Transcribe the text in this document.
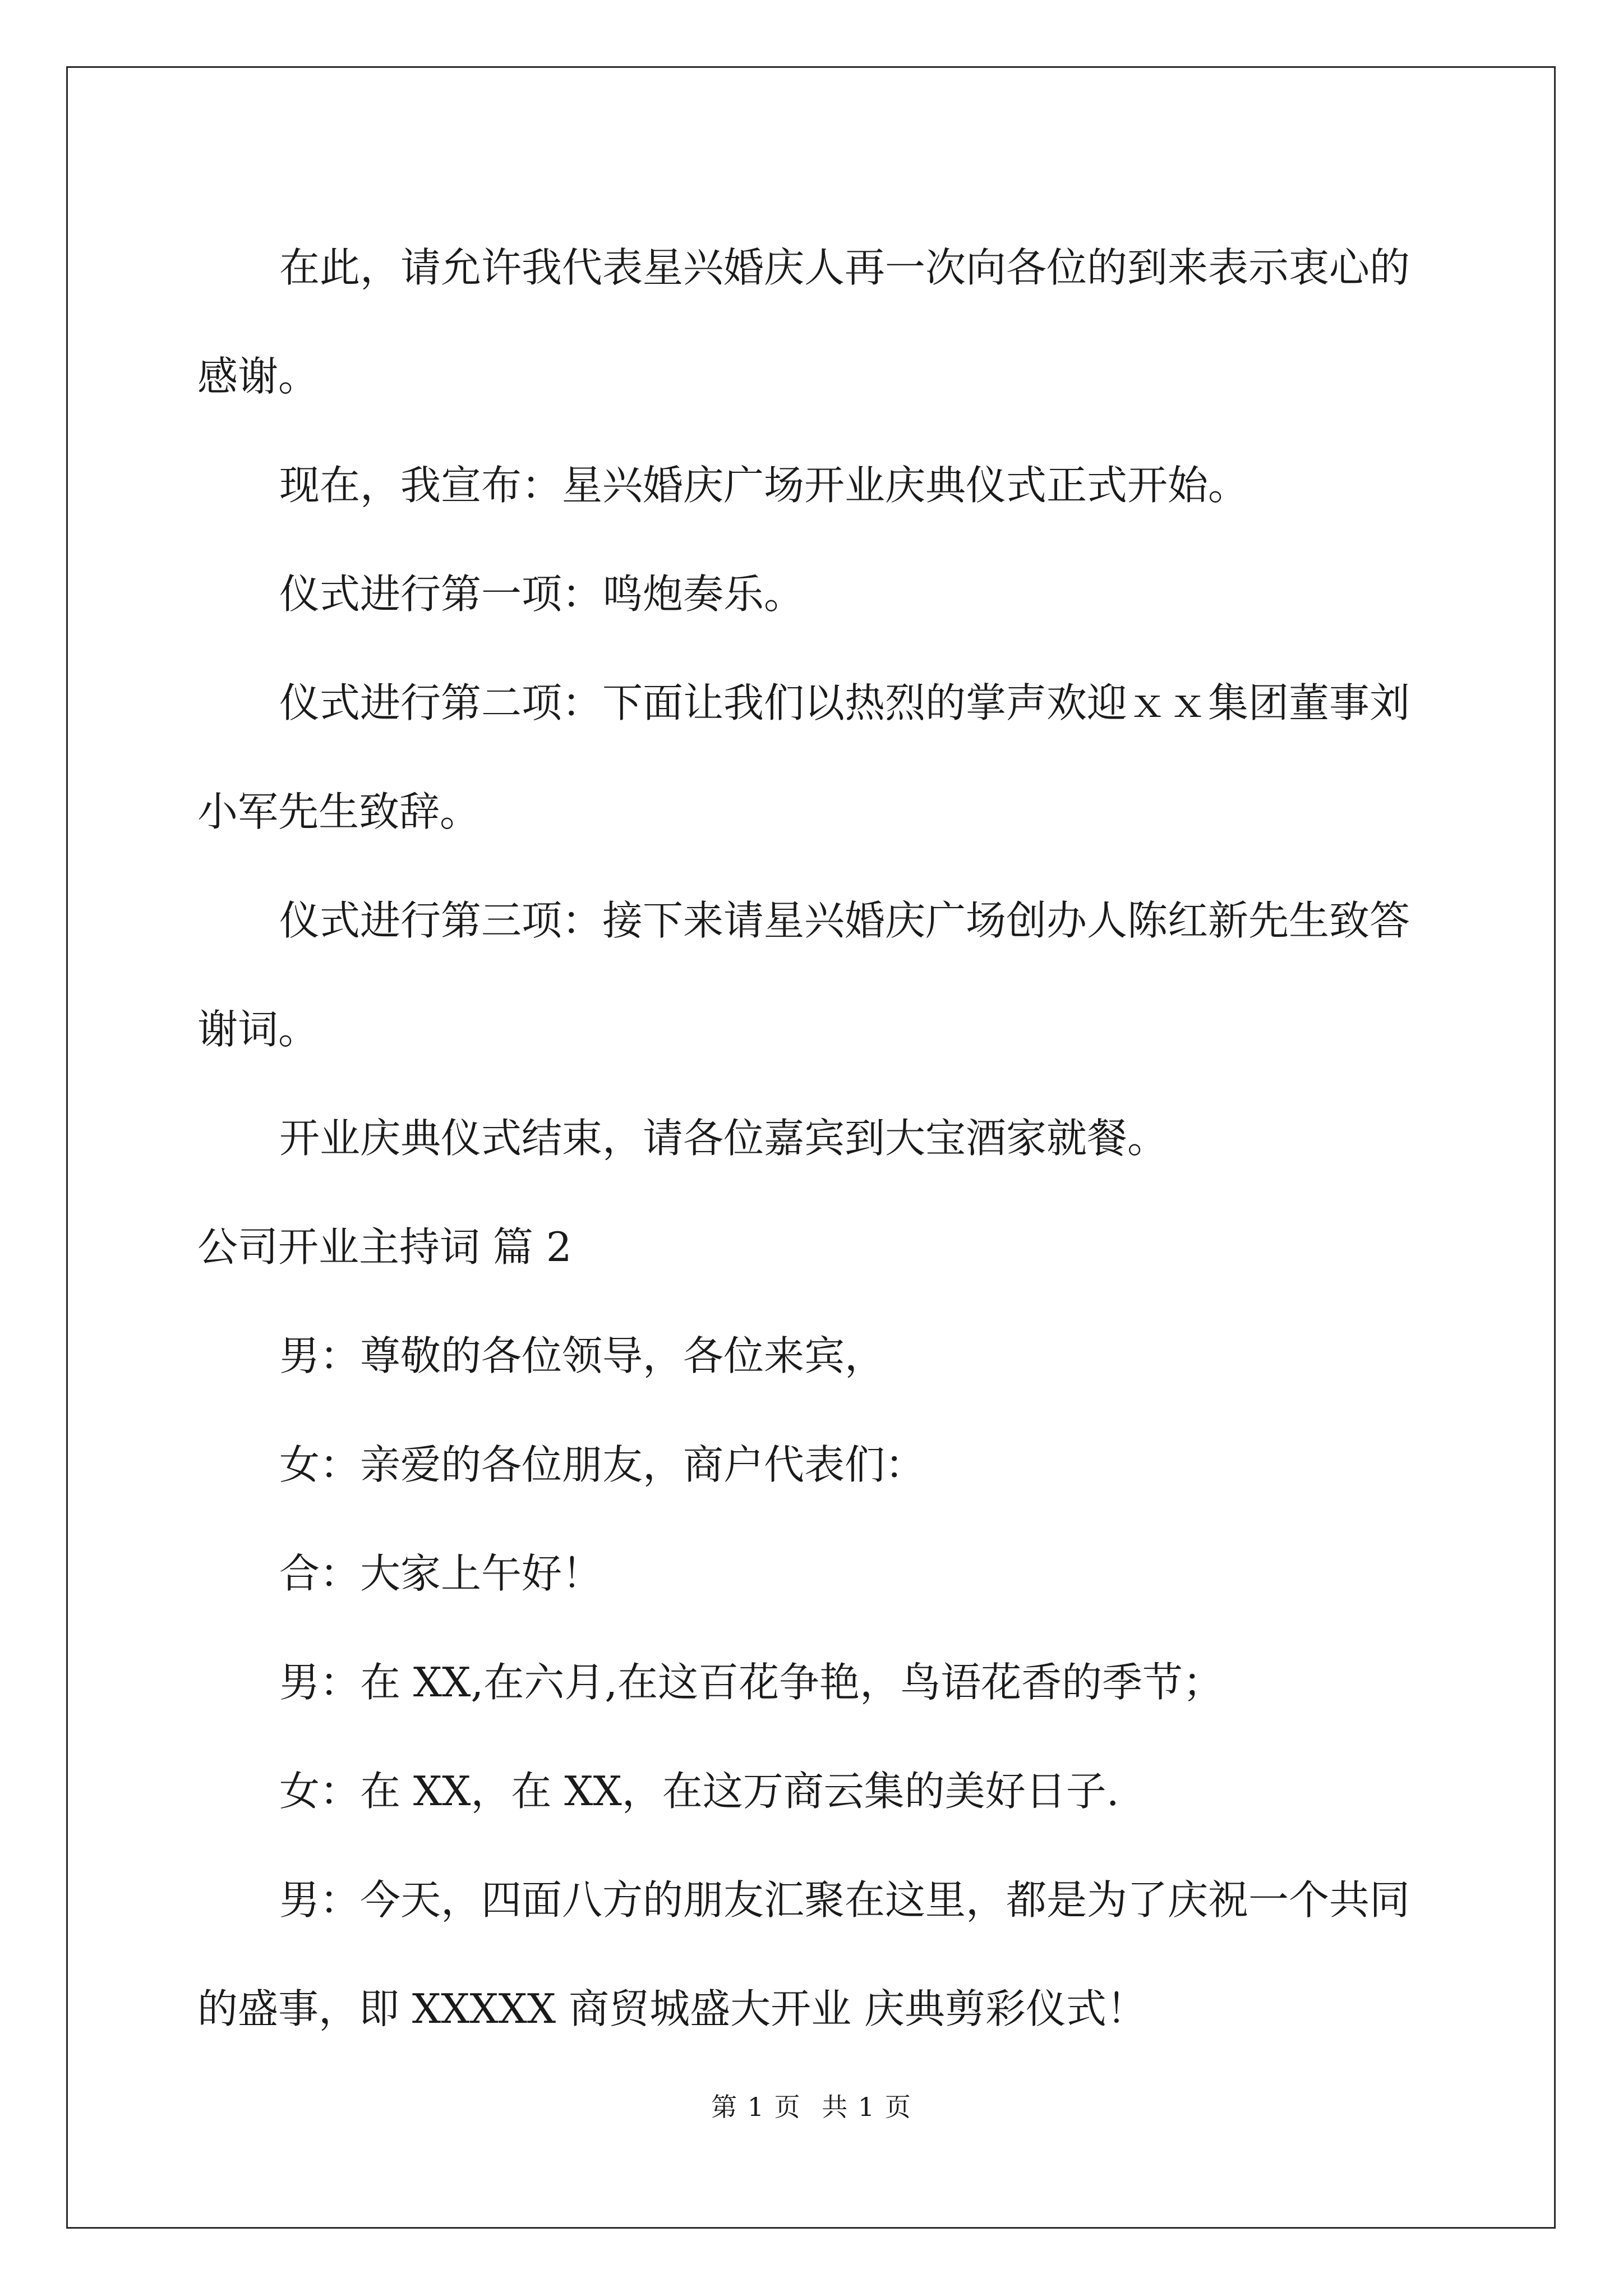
在此，请允许我代表星兴婚庆人再一次向各位的到来表示衷心的

感谢。

现在，我宣布：星兴婚庆广场开业庆典仪式正式开始。

仪式进行第一项：鸣炮奏乐。

仪式进行第二项：下面让我们以热烈的掌声欢迎ｘｘ集团董事刘

小军先生致辞。

仪式进行第三项：接下来请星兴婚庆广场创办人陈红新先生致答

谢词。

开业庆典仪式结束，请各位嘉宾到大宝酒家就餐。

公司开业主持词 篇 2

男：尊敬的各位领导，各位来宾，

女：亲爱的各位朋友，商户代表们：

合：大家上午好！

男：在 XX,在六月,在这百花争艳，鸟语花香的季节；

女：在 XX，在 XX，在这万商云集的美好日子.

男：今天，四面八方的朋友汇聚在这里，都是为了庆祝一个共同

的盛事，即 XXXXX 商贸城盛大开业 庆典剪彩仪式！

第 1 页 共 1 页
